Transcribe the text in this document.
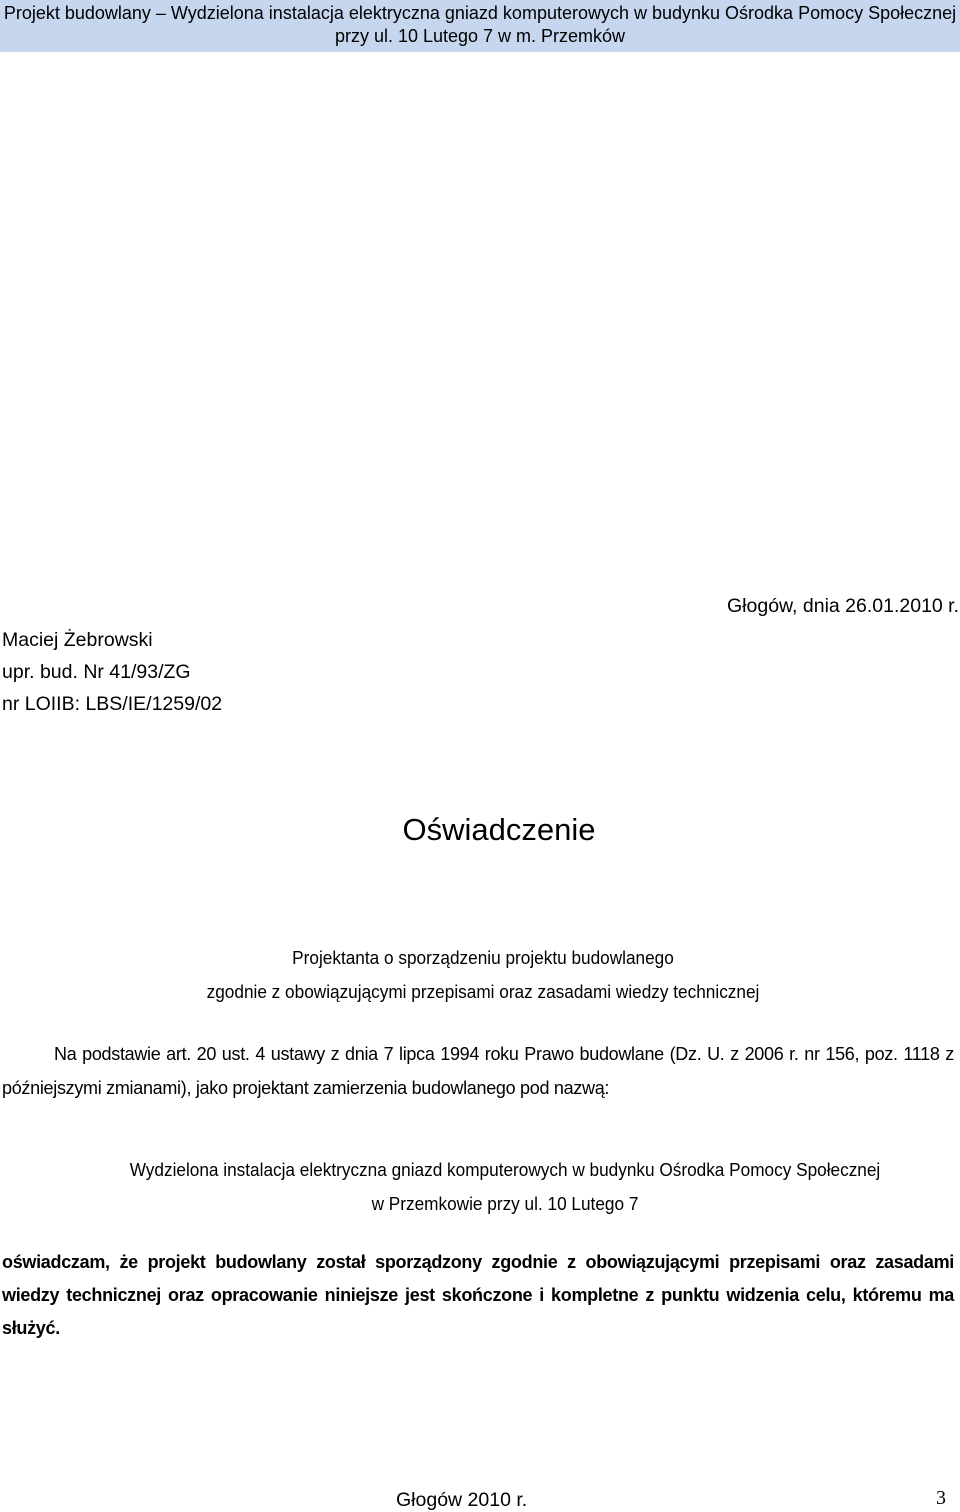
Projekt budowlany – Wydzielona instalacja elektryczna gniazd komputerowych w budynku Ośrodka Pomocy Społecznej
przy ul. 10 Lutego 7 w m. Przemków
Głogów, dnia 26.01.2010 r.
Maciej Żebrowski
upr. bud. Nr 41/93/ZG
nr LOIIB: LBS/IE/1259/02
Oświadczenie
Projektanta o sporządzeniu projektu budowlanego
zgodnie z obowiązującymi przepisami oraz zasadami wiedzy technicznej
Na podstawie art. 20 ust. 4 ustawy z dnia 7 lipca 1994 roku Prawo budowlane (Dz. U. z 2006 r. nr 156, poz. 1118 z późniejszymi zmianami), jako projektant zamierzenia budowlanego pod nazwą:
Wydzielona instalacja elektryczna gniazd komputerowych w budynku Ośrodka Pomocy Społecznej
w Przemkowie przy ul. 10 Lutego 7
oświadczam, że projekt budowlany został sporządzony zgodnie z obowiązującymi przepisami oraz zasadami wiedzy technicznej oraz opracowanie niniejsze jest skończone i kompletne z punktu widzenia celu, któremu ma służyć.
Głogów 2010 r.	3
